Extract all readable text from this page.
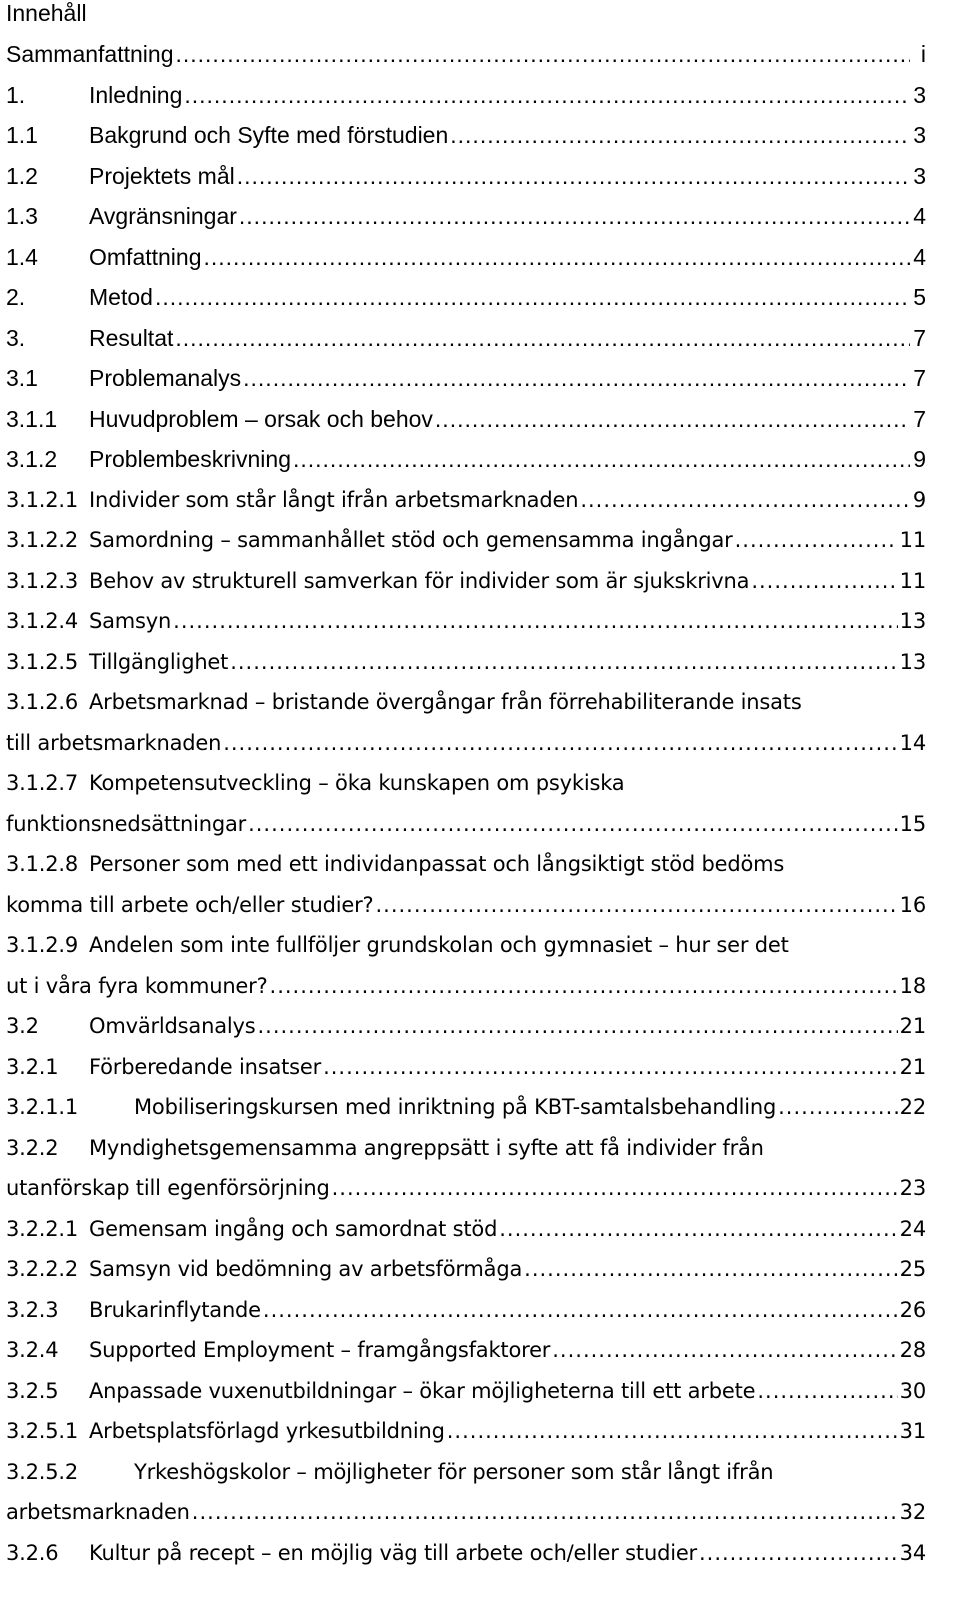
Innehåll
Sammanfattning .....	i
1.	Inledning .....	3
1.1	Bakgrund och Syfte med förstudien .....	3
1.2	Projektets mål .....	3
1.3	Avgränsningar .....	4
1.4	Omfattning .....	4
2.	Metod .....	5
3.	Resultat .....	7
3.1	Problemanalys .....	7
3.1.1	Huvudproblem – orsak och behov .....	7
3.1.2	Problembeskrivning .....	9
3.1.2.1 Individer som står långt ifrån arbetsmarknaden .....	9
3.1.2.2 Samordning – sammanhållet stöd och gemensamma ingångar .....	11
3.1.2.3 Behov av strukturell samverkan för individer som är sjukskrivna .....	11
3.1.2.4 Samsyn .....	13
3.1.2.5 Tillgänglighet .....	13
3.1.2.6 Arbetsmarknad – bristande övergångar från förrehabiliterande insats
till arbetsmarknaden .....	14
3.1.2.7 Kompetensutveckling – öka kunskapen om psykiska
funktionsnedsättningar .....	15
3.1.2.8 Personer som med ett individanpassat och långsiktigt stöd bedöms
komma till arbete och/eller studier? .....	16
3.1.2.9 Andelen som inte fullföljer grundskolan och gymnasiet – hur ser det
ut i våra fyra kommuner? .....	18
3.2	Omvärldsanalys .....	21
3.2.1	Förberedande insatser .....	21
3.2.1.1	Mobiliseringskursen med inriktning på KBT-samtalsbehandling .....	22
3.2.2	Myndighetsgemensamma angreppsätt i syfte att få individer från
utanförskap till egenförsörjning .....	23
3.2.2.1 Gemensam ingång och samordnat stöd .....	24
3.2.2.2 Samsyn vid bedömning av arbetsförmåga .....	25
3.2.3	Brukarinflytande .....	26
3.2.4	Supported Employment – framgångsfaktorer .....	28
3.2.5	Anpassade vuxenutbildningar – ökar möjligheterna till ett arbete .....	30
3.2.5.1 Arbetsplatsförlagd yrkesutbildning .....	31
3.2.5.2	Yrkeshögskolor – möjligheter för personer som står långt ifrån
arbetsmarknaden .....	32
3.2.6	Kultur på recept – en möjlig väg till arbete och/eller studier .....	34
